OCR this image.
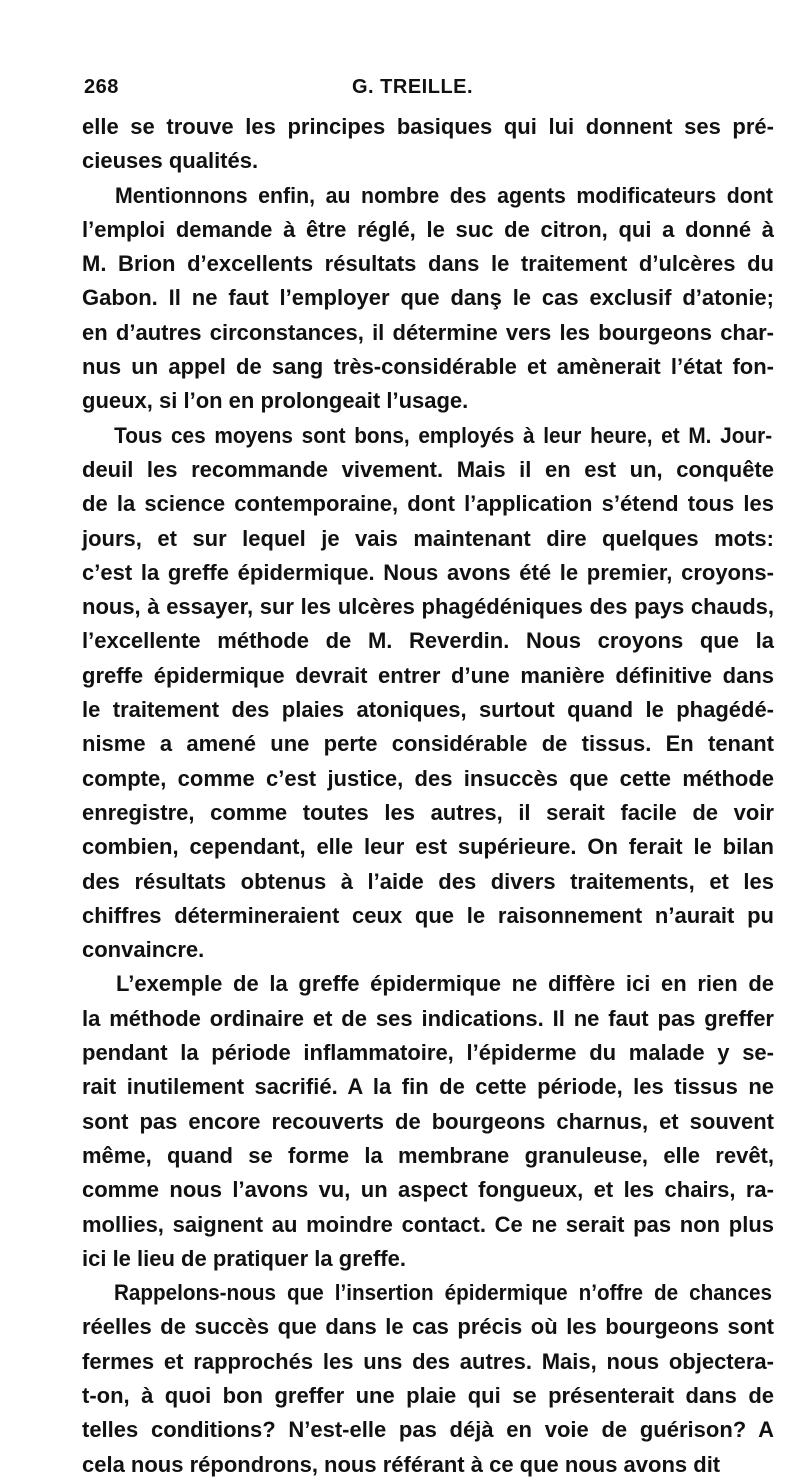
268	G. TREILLE.
elle se trouve les principes basiques qui lui donnent ses pré-
cieuses qualités.
Mentionnons enfin, au nombre des agents modificateurs dont
l’emploi demande à être réglé, le suc de citron, qui a donné à
M. Brion d’excellents résultats dans le traitement d’ulcères du
Gabon. Il ne faut l’employer que danş le cas exclusif d’atonie;
en d’autres circonstances, il détermine vers les bourgeons char-
nus un appel de sang très-considérable et amènerait l’état fon-
gueux, si l’on en prolongeait l’usage.
Tous ces moyens sont bons, employés à leur heure, et M. Jour-
deuil les recommande vivement. Mais il en est un, conquête
de la science contemporaine, dont l’application s’étend tous les
jours, et sur lequel je vais maintenant dire quelques mots:
c’est la greffe épidermique. Nous avons été le premier, croyons-
nous, à essayer, sur les ulcères phagédéniques des pays chauds,
l’excellente méthode de M. Reverdin. Nous croyons que la
greffe épidermique devrait entrer d’une manière définitive dans
le traitement des plaies atoniques, surtout quand le phagédé-
nisme a amené une perte considérable de tissus. En tenant
compte, comme c’est justice, des insuccès que cette méthode
enregistre, comme toutes les autres, il serait facile de voir
combien, cependant, elle leur est supérieure. On ferait le bilan
des résultats obtenus à l’aide des divers traitements, et les
chiffres détermineraient ceux que le raisonnement n’aurait pu
convaincre.
L’exemple de la greffe épidermique ne diffère ici en rien de
la méthode ordinaire et de ses indications. Il ne faut pas greffer
pendant la période inflammatoire, l’épiderme du malade y se-
rait inutilement sacrifié. A la fin de cette période, les tissus ne
sont pas encore recouverts de bourgeons charnus, et souvent
même, quand se forme la membrane granuleuse, elle revêt,
comme nous l’avons vu, un aspect fongueux, et les chairs, ra-
mollies, saignent au moindre contact. Ce ne serait pas non plus
ici le lieu de pratiquer la greffe.
Rappelons-nous que l’insertion épidermique n’offre de chances
réelles de succès que dans le cas précis où les bourgeons sont
fermes et rapprochés les uns des autres. Mais, nous objectera-
t-on, à quoi bon greffer une plaie qui se présenterait dans de
telles conditions? N’est-elle pas déjà en voie de guérison? A
cela nous répondrons, nous référant à ce que nous avons dit
